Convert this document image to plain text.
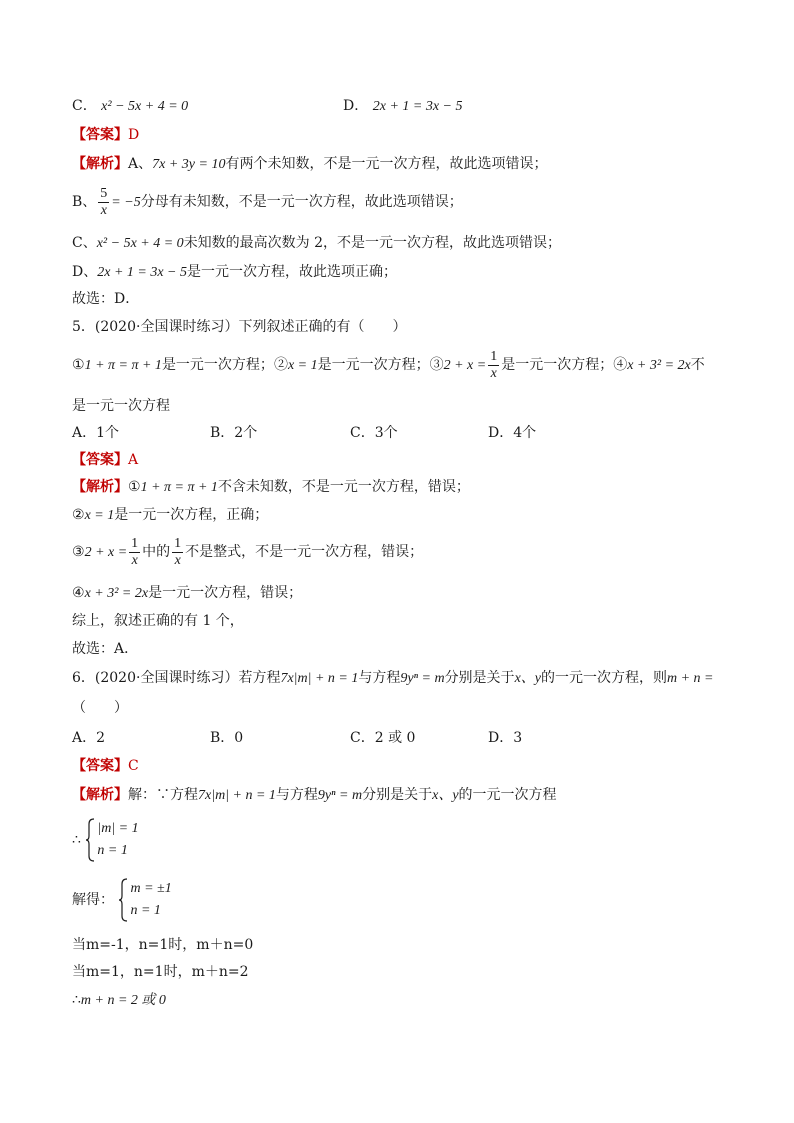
C． x² − 5x + 4 = 0	D． 2x + 1 = 3x − 5
【答案】D
【解析】A、7x + 3y = 10有两个未知数，不是一元一次方程，故此选项错误；
B、 $\frac{5}{x} = -5$分母有未知数，不是一元一次方程，故此选项错误；
C、x² − 5x + 4 = 0未知数的最高次数为 2，不是一元一次方程，故此选项错误；
D、2x + 1 = 3x − 5是一元一次方程，故此选项正确；
故选：D．
5．(2020·全国课时练习）下列叙述正确的有（　　）
①1 + π = π + 1是一元一次方程；②x = 1是一元一次方程；③2 + $x = \frac{1}{x}$ 是一元一次方程；④x + 3² = 2x不
是一元一次方程
A．1个	B．2个	C．3个	D．4个
【答案】A
【解析】①1 + π = π + 1不含未知数，不是一元一次方程，错误；
②x = 1是一元一次方程，正确；
③2 + $x = \frac{1}{x}$ 中的 $\frac{1}{x}$ 不是整式，不是一元一次方程，错误；
④x + 3² = 2x是一元一次方程，错误；
综上，叙述正确的有 1 个，
故选：A．
6．(2020·全国课时练习）若方程7x|m| + n = 1与方程9yⁿ = m分别是关于x、y的一元一次方程，则m + n =
（　　）
A．2	B．0	C．2 或 0	D．3
【答案】C
【解析】解：∵方程7x|m| + n = 1与方程9yⁿ = m分别是关于x、y的一元一次方程
∴
|m| = 1
n = 1
解得：
m = ±1
n = 1
当m=-1，n=1时，m＋n=0
当m=1，n=1时，m＋n=2
∴m + n = 2 或 0
